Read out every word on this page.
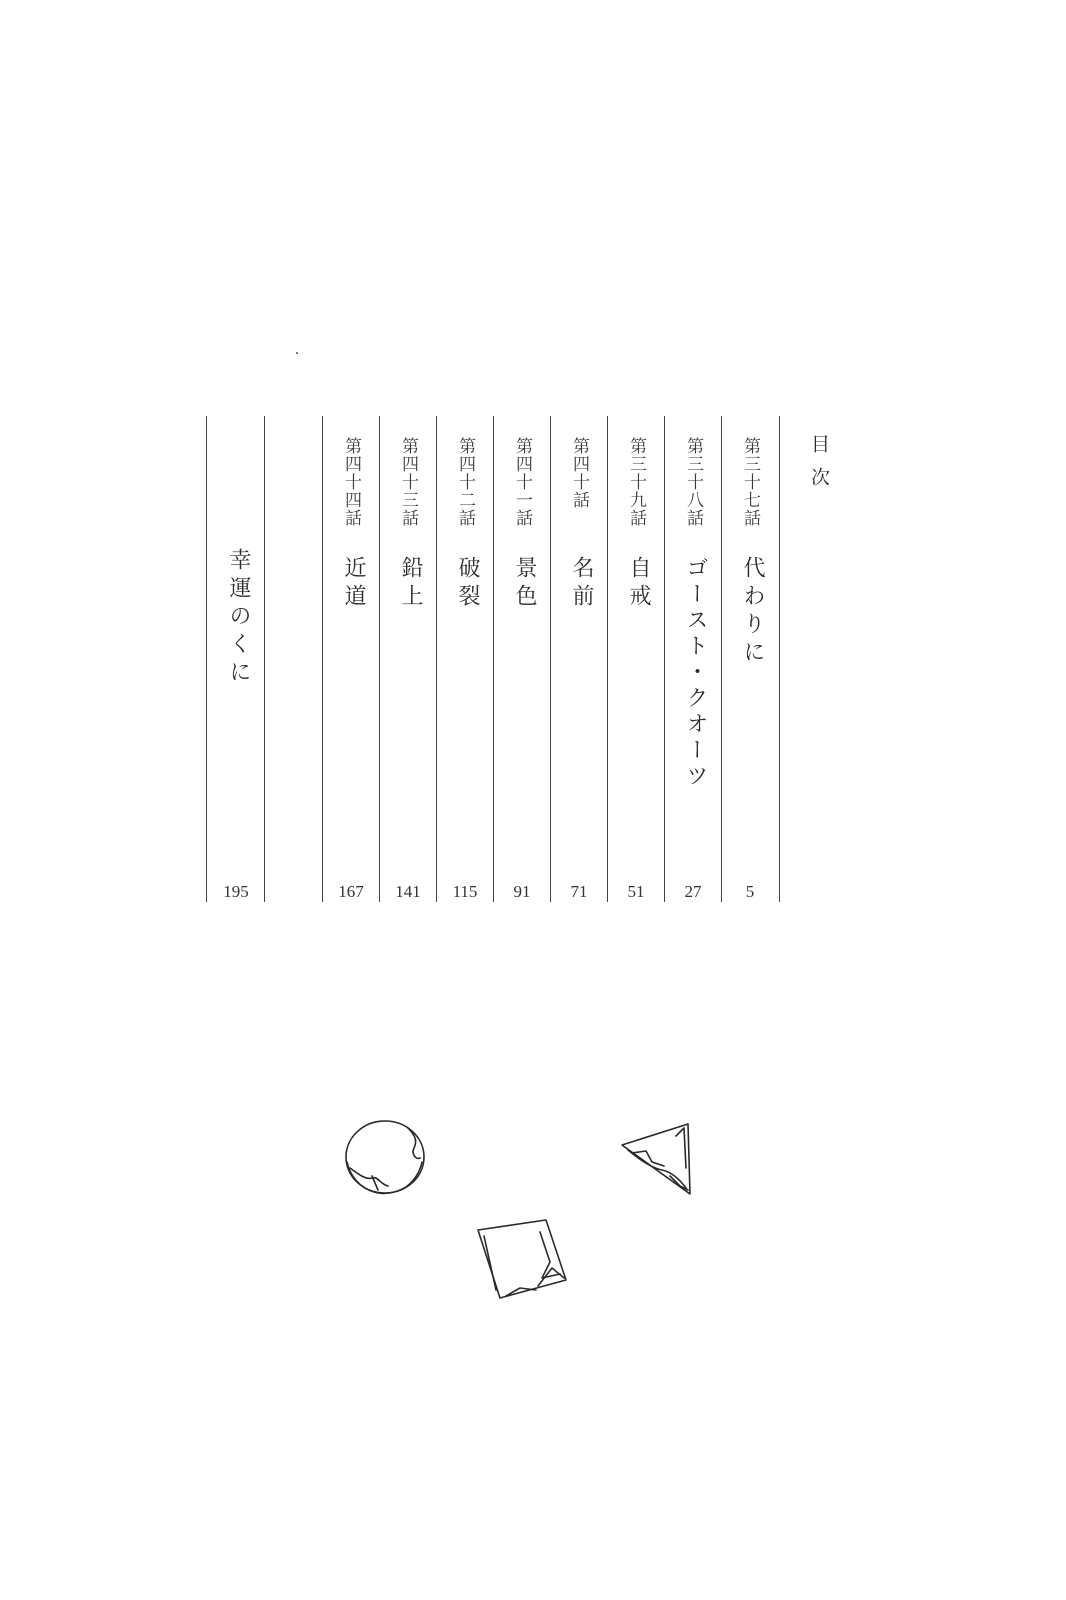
目次
第三十七話
代わりに
5
第三十八話
ゴースト・クオーツ
27
第三十九話
自戒
51
第四十話
名前
71
第四十一話
景色
91
第四十二話
破裂
115
第四十三話
鉛上
141
第四十四話
近道
167
幸運のくに
195
